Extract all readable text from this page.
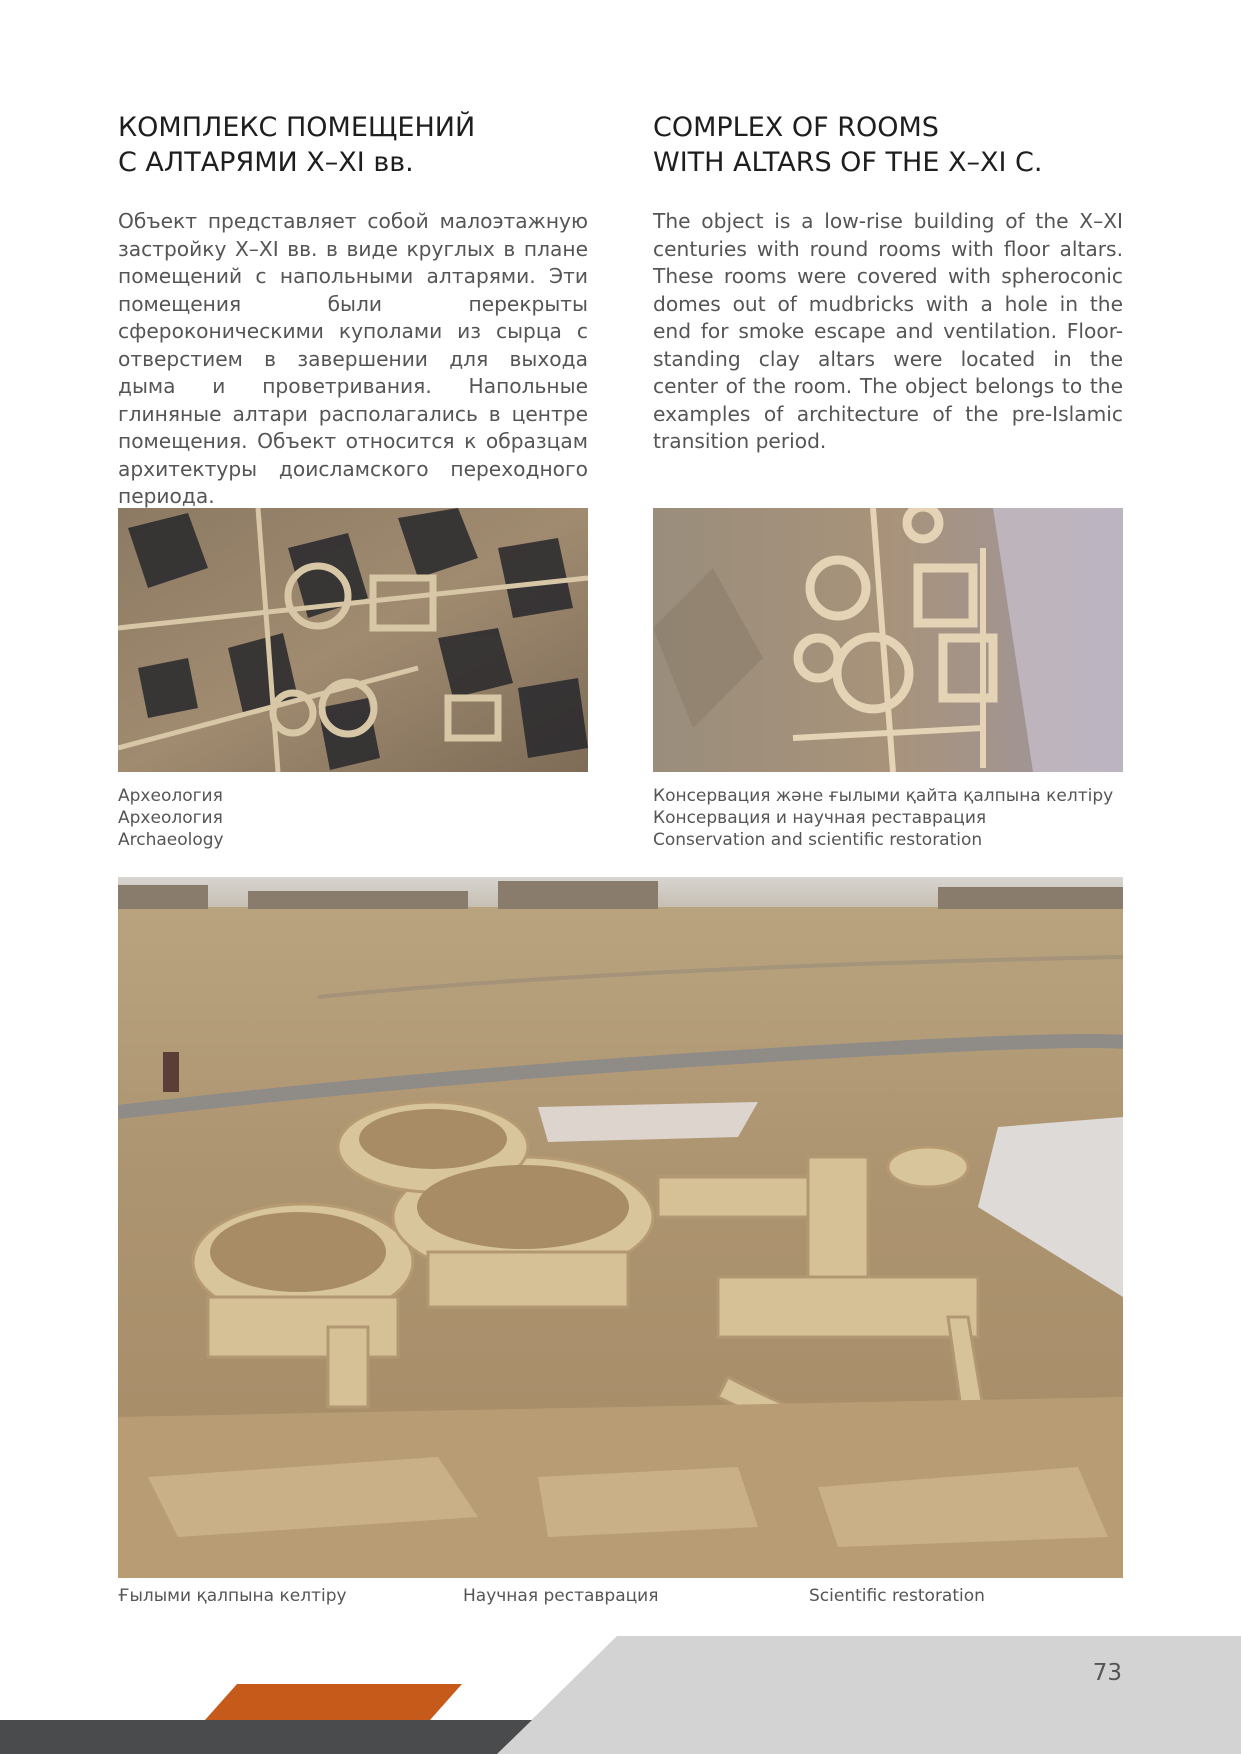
КОМПЛЕКС ПОМЕЩЕНИЙ
С АЛТАРЯМИ X–XI вв.

Объект представляет собой малоэтажную застройку X–XI вв. в виде круглых в плане помещений с напольными алтарями. Эти помещения были перекрыты сфероконическими куполами из сырца с отверстием в завершении для выхода дыма и проветривания. Напольные глиняные алтари располагались в центре помещения. Объект относится к образцам архитектуры доисламского переходного периода.

COMPLEX OF ROOMS
WITH ALTARS OF THE X–XI C.

The object is a low-rise building of the X–XI centuries with round rooms with floor altars. These rooms were covered with spheroconic domes out of mudbricks with a hole in the end for smoke escape and ventilation. Floor-standing clay altars were located in the center of the room. The object belongs to the examples of architecture of the pre-Islamic transition period.

Археология
Археология
Archaeology
Консервация және ғылыми қайта қалпына келтіру
Консервация и научная реставрация
Conservation and scientific restoration
Ғылыми қалпына келтіру	Научная реставрация	Scientific restoration
73
